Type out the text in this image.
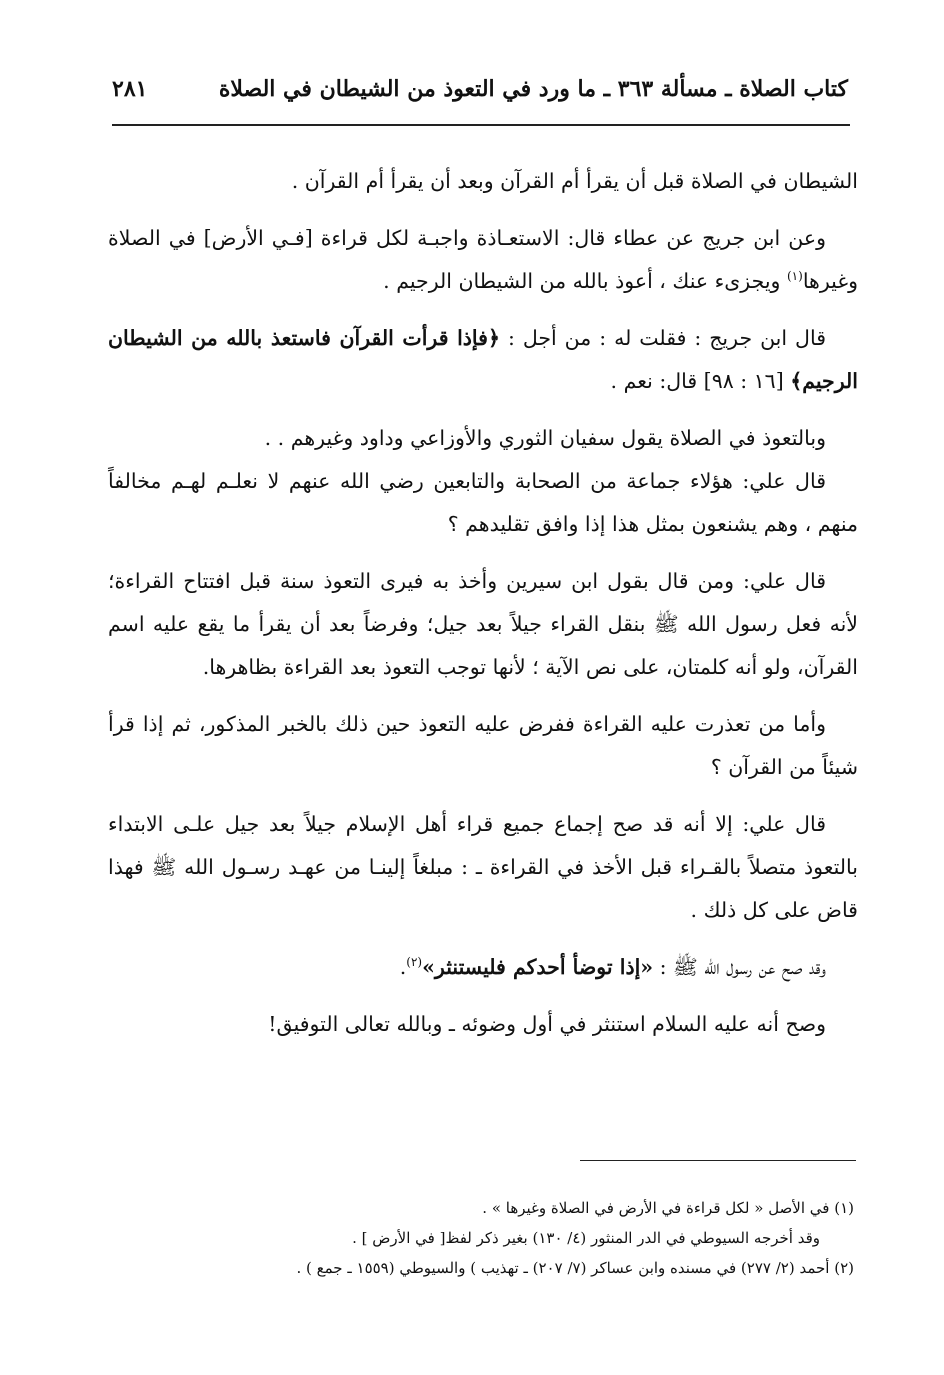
كتاب الصلاة ـ مسألة ٣٦٣ ـ ما ورد في التعوذ من الشيطان في الصلاة
٢٨١

الشيطان في الصلاة قبل أن يقرأ أم القرآن وبعد أن يقرأ أم القرآن .

وعن ابن جريج عن عطاء قال: الاستعـاذة واجبـة لكل قراءة [فـي الأرض] في الصلاة وغيرها$^{(١)}$ ويجزىء عنك ، أعوذ بالله من الشيطان الرجيم .

قال ابن جريج : فقلت له : من أجل : ﴿فإذا قرأت القرآن فاستعذ بالله من الشيطان الرجيم﴾ [١٦ : ٩٨] قال: نعم .

وبالتعوذ في الصلاة يقول سفيان الثوري والأوزاعي وداود وغيرهم . .

قال علي: هؤلاء جماعة من الصحابة والتابعين رضي الله عنهم لا نعلـم لهـم مخالفاً منهم ، وهم يشنعون بمثل هذا إذا وافق تقليدهم ؟

قال علي: ومن قال بقول ابن سيرين وأخذ به فيرى التعوذ سنة قبل افتتاح القراءة؛ لأنه فعل رسول الله ﷺ بنقل القراء جيلاً بعد جيل؛ وفرضاً بعد أن يقرأ ما يقع عليه اسم القرآن، ولو أنه كلمتان، على نص الآية ؛ لأنها توجب التعوذ بعد القراءة بظاهرها.

وأما من تعذرت عليه القراءة ففرض عليه التعوذ حين ذلك بالخبر المذكور، ثم إذا قرأ شيئاً من القرآن ؟

قال علي: إلا أنه قد صح إجماع جميع قراء أهل الإسلام جيلاً بعد جيل علـى الابتداء بالتعوذ متصلاً بالقـراء قبل الأخذ في القراءة ـ : مبلغاً إلينـا من عهـد رسـول الله ﷺ فهذا قاض على كل ذلك .

وقد صح عن رسول الله ﷺ : «إذا توضأ أحدكم فليستنثر»$^{(٢)}$.

وصح أنه عليه السلام استنثر في أول وضوئه ـ وبالله تعالى التوفيق!

(١) في الأصل « لكل قراءة في الأرض في الصلاة وغيرها » .
وقد أخرجه السيوطي في الدر المنثور (٤/ ١٣٠) بغير ذكر لفظ[ في الأرض ] .
(٢) أحمد (٢/ ٢٧٧) في مسنده وابن عساكر (٧/ ٢٠٧) ـ تهذيب ) والسيوطي (١٥٥٩ ـ جمع ) .
